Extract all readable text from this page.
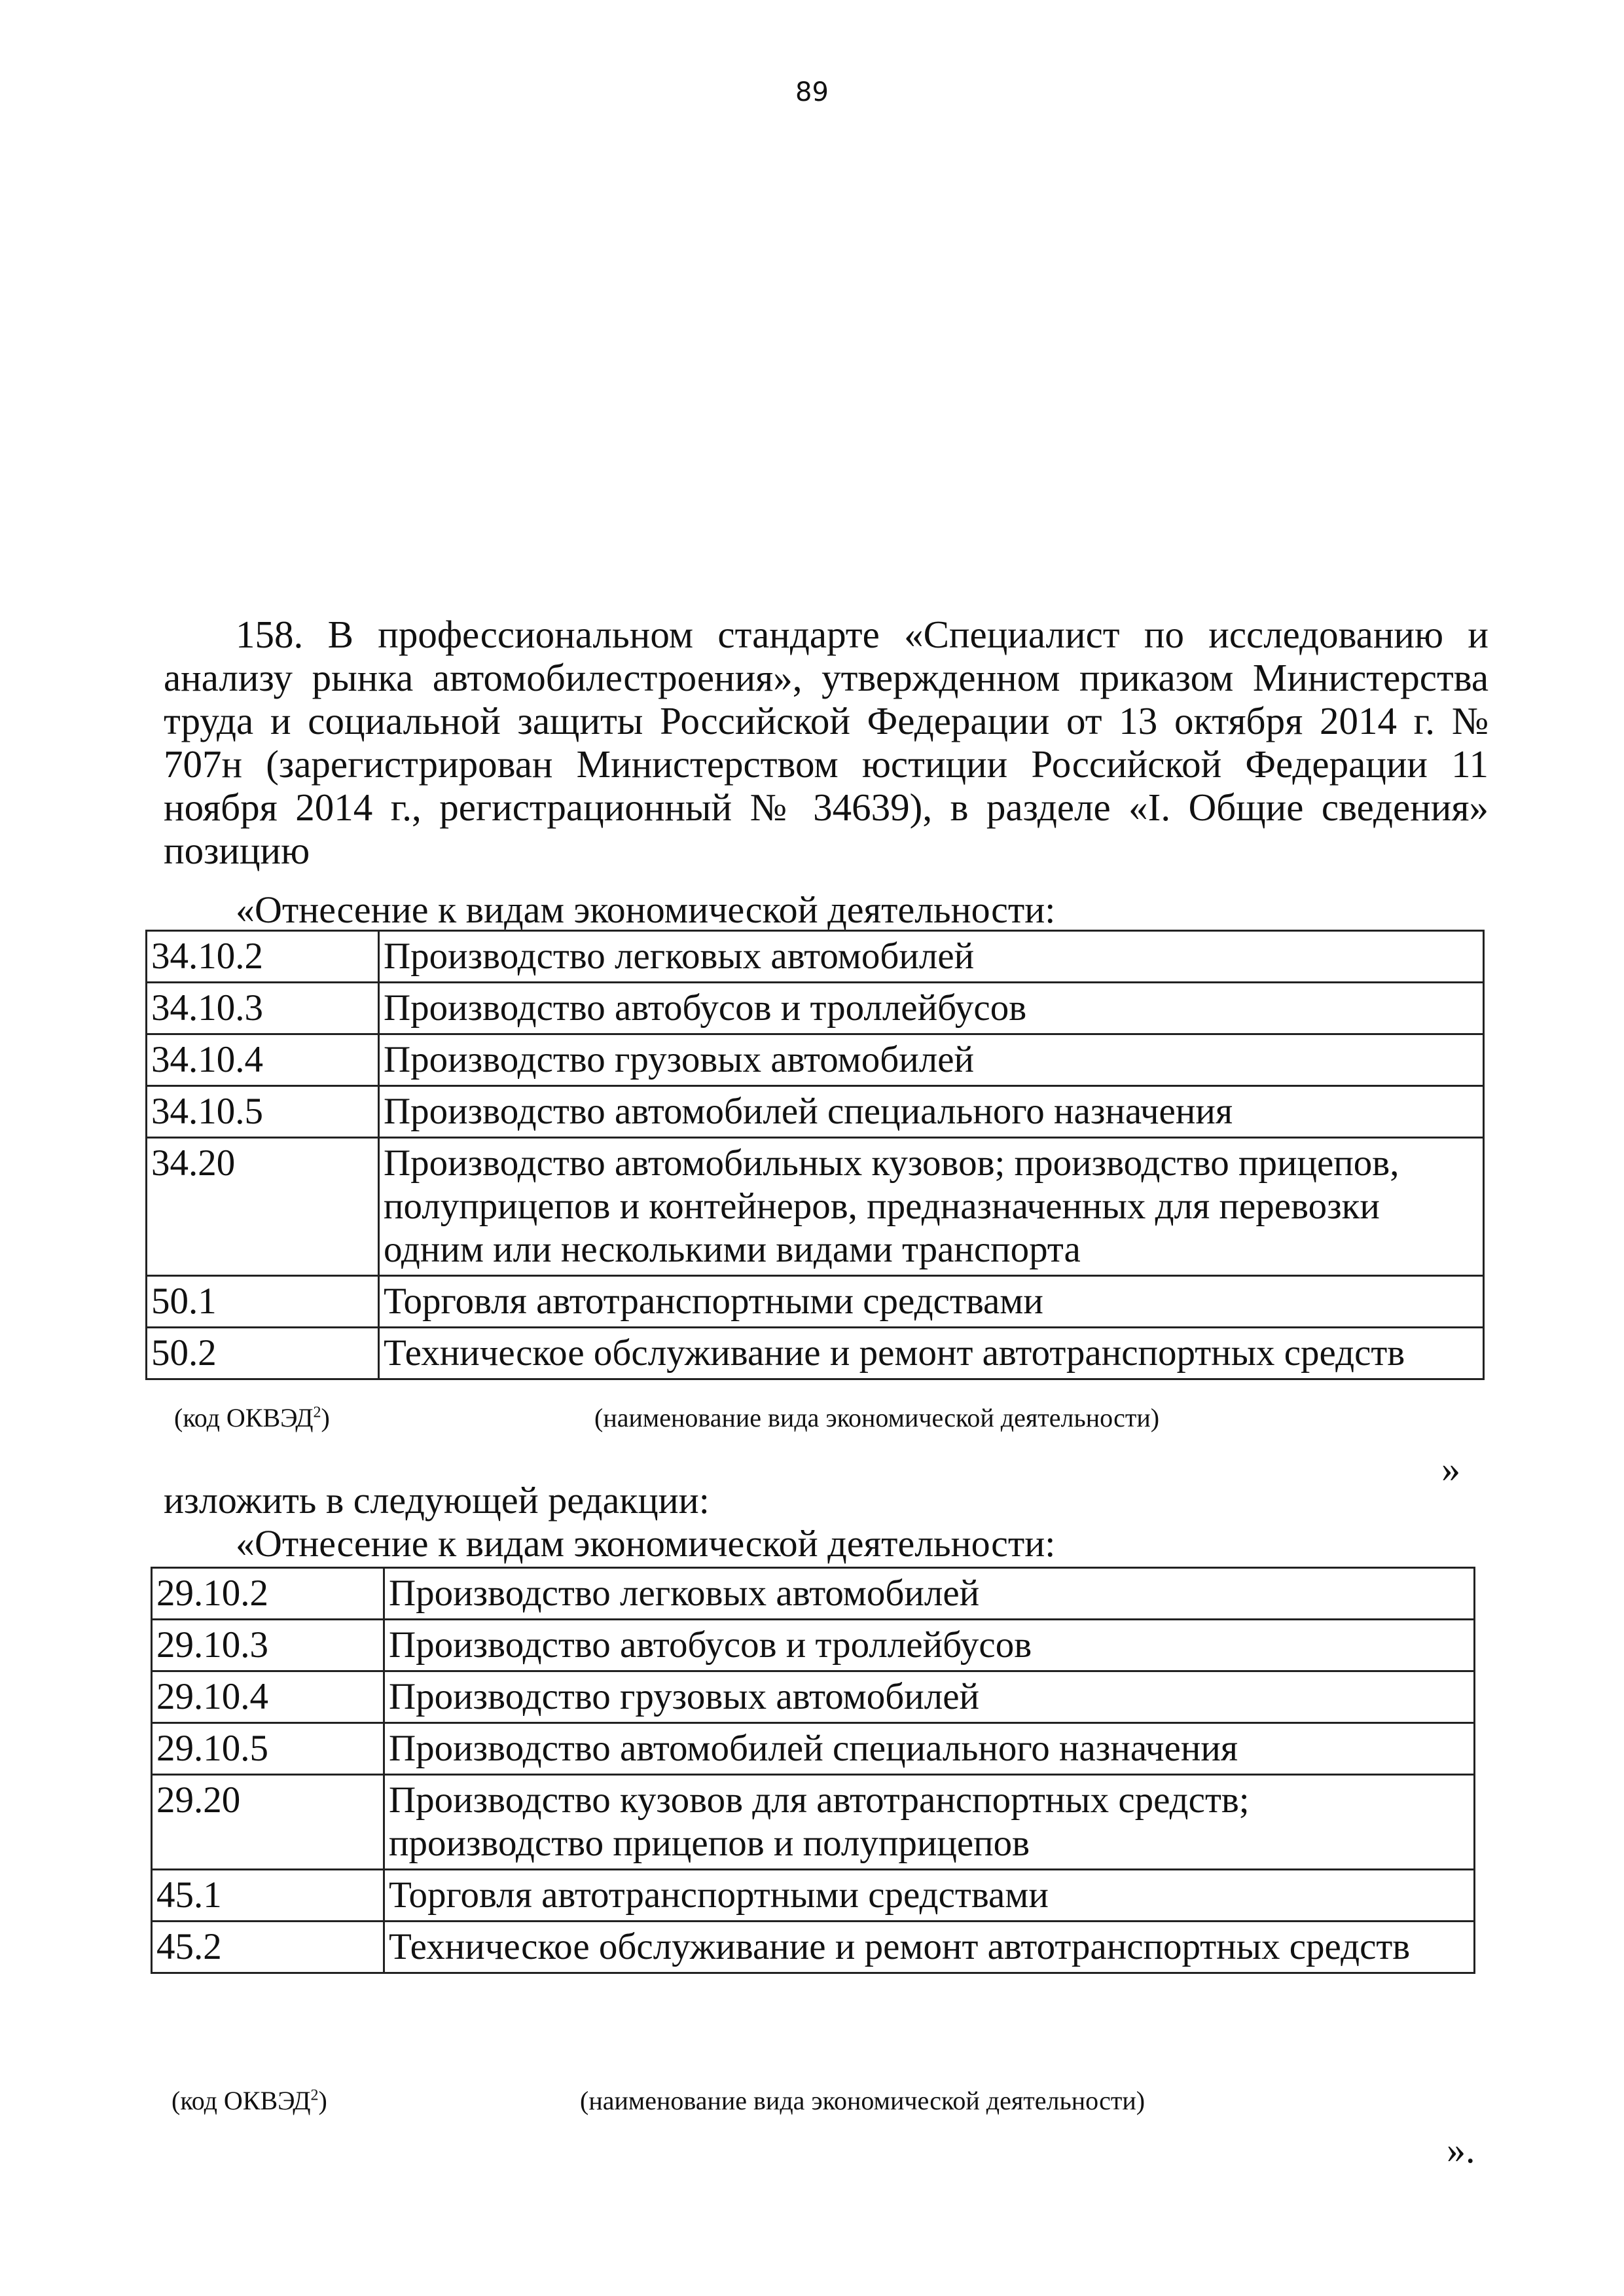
89
158. В профессиональном стандарте «Специалист по исследованию и анализу рынка автомобилестроения», утвержденном приказом Министерства труда и социальной защиты Российской Федерации от 13 октября 2014 г. № 707н (зарегистрирован Министерством юстиции Российской Федерации 11 ноября 2014 г., регистрационный № 34639), в разделе «I. Общие сведения» позицию
«Отнесение к видам экономической деятельности:
34.10.2	Производство легковых автомобилей
34.10.3	Производство автобусов и троллейбусов
34.10.4	Производство грузовых автомобилей
34.10.5	Производство автомобилей специального назначения
34.20	Производство автомобильных кузовов; производство прицепов, полуприцепов и контейнеров, предназначенных для перевозки одним или несколькими видами транспорта
50.1	Торговля автотранспортными средствами
50.2	Техническое обслуживание и ремонт автотранспортных средств
(код ОКВЭД$^2$)	(наименование вида экономической деятельности)
»
изложить в следующей редакции:
«Отнесение к видам экономической деятельности:
29.10.2	Производство легковых автомобилей
29.10.3	Производство автобусов и троллейбусов
29.10.4	Производство грузовых автомобилей
29.10.5	Производство автомобилей специального назначения
29.20	Производство кузовов для автотранспортных средств; производство прицепов и полуприцепов
45.1	Торговля автотранспортными средствами
45.2	Техническое обслуживание и ремонт автотранспортных средств
(код ОКВЭД$^2$)	(наименование вида экономической деятельности)
».
